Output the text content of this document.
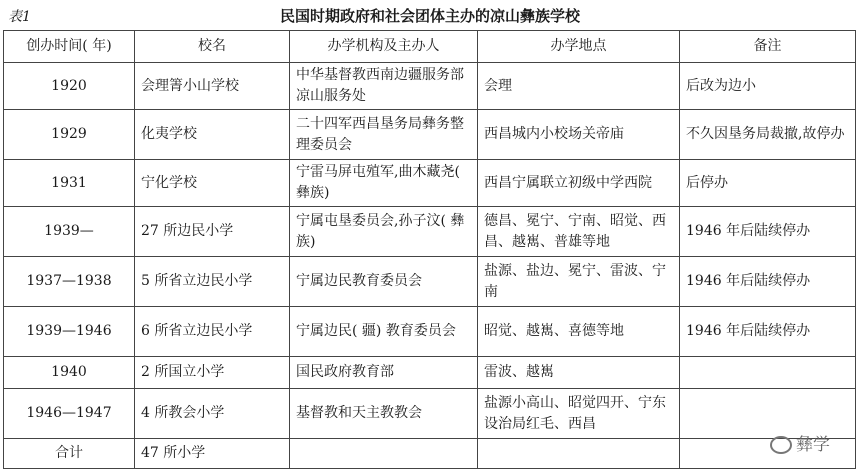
表1	民国时期政府和社会团体主办的凉山彝族学校
创办时间( 年)	校名	办学机构及主办人	办学地点	备注
1920	会理箐小山学校	中华基督教西南边疆服务部凉山服务处	会理	后改为边小
1929	化夷学校	二十四军西昌垦务局彝务整理委员会	西昌城内小校场关帝庙	不久因垦务局裁撤,故停办
1931	宁化学校	宁雷马屏屯殖军,曲木藏尧( 彝族)	西昌宁属联立初级中学西院	后停办
1939—	27 所边民小学	宁属屯垦委员会,孙子汶( 彝族)	德昌、冕宁、宁南、昭觉、西昌、越嶲、普雄等地	1946 年后陆续停办
1937—1938	5 所省立边民小学	宁属边民教育委员会	盐源、盐边、冕宁、雷波、宁南	1946 年后陆续停办
1939—1946	6 所省立边民小学	宁属边民( 疆) 教育委员会	昭觉、越嶲、喜德等地	1946 年后陆续停办
1940	2 所国立小学	国民政府教育部	雷波、越嶲	
1946—1947	4 所教会小学	基督教和天主教教会	盐源小高山、昭觉四开、宁东设治局红毛、西昌	
合计	47 所小学				彝学
